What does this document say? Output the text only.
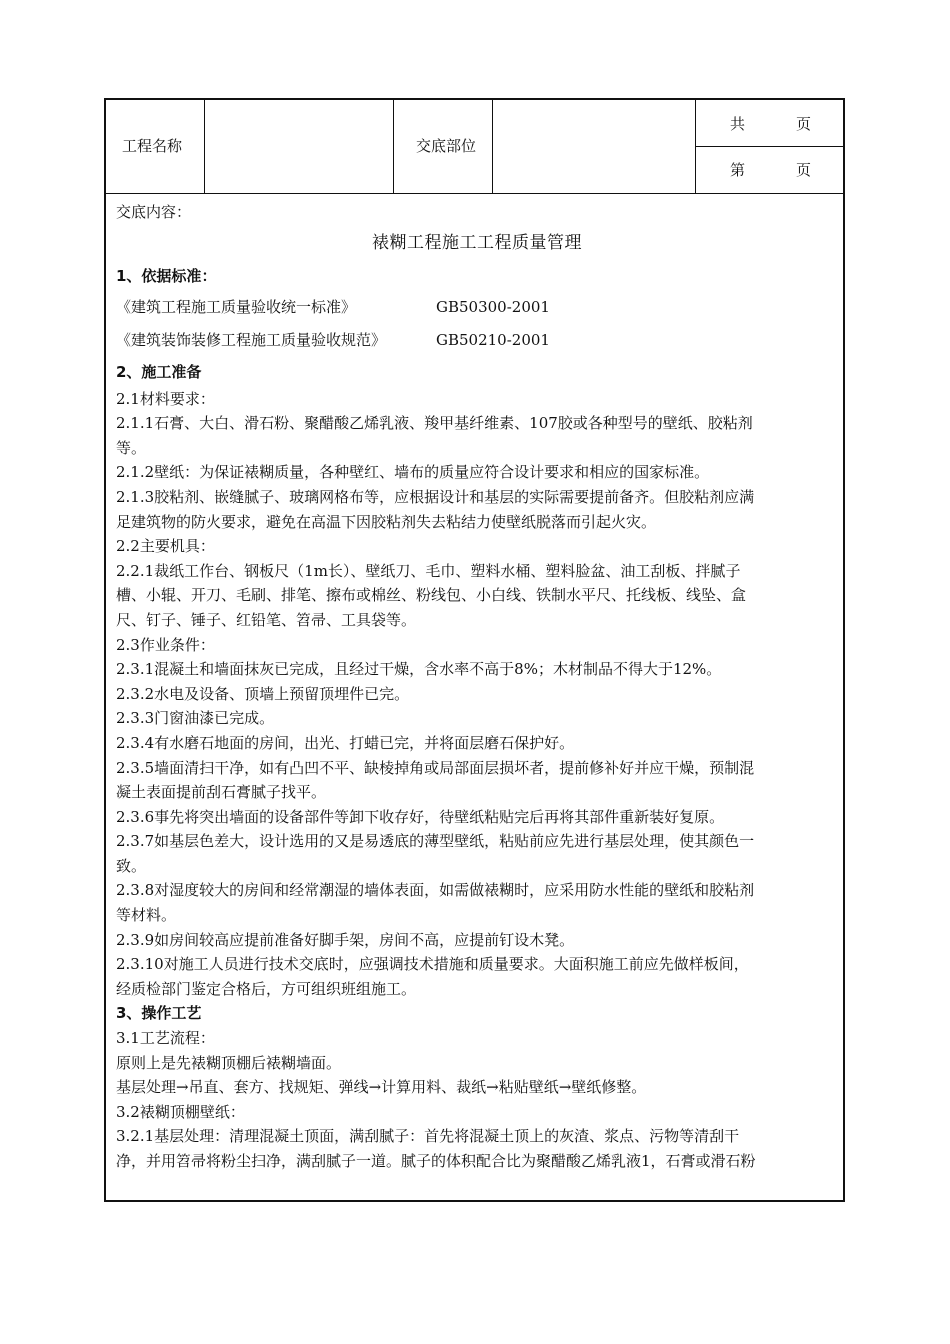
工程名称	交底部位
共	页
第	页
交底内容：
裱糊工程施工工程质量管理
1、依据标准：
《建筑工程施工质量验收统一标准》	GB50300-2001
《建筑装饰装修工程施工质量验收规范》	GB50210-2001
2、施工准备
2.1材料要求：
2.1.1石膏、大白、滑石粉、聚醋酸乙烯乳液、羧甲基纤维素、107胶或各种型号的壁纸、胶粘剂
等。
2.1.2壁纸：为保证裱糊质量，各种壁红、墙布的质量应符合设计要求和相应的国家标准。
2.1.3胶粘剂、嵌缝腻子、玻璃网格布等，应根据设计和基层的实际需要提前备齐。但胶粘剂应满
足建筑物的防火要求，避免在高温下因胶粘剂失去粘结力使壁纸脱落而引起火灾。
2.2主要机具：
2.2.1裁纸工作台、钢板尺（1m长）、壁纸刀、毛巾、塑料水桶、塑料脸盆、油工刮板、拌腻子
槽、小辊、开刀、毛刷、排笔、擦布或棉丝、粉线包、小白线、铁制水平尺、托线板、线坠、盒
尺、钉子、锤子、红铅笔、笤帚、工具袋等。
2.3作业条件：
2.3.1混凝土和墙面抹灰已完成，且经过干燥，含水率不高于8%；木材制品不得大于12%。
2.3.2水电及设备、顶墙上预留顶埋件已完。
2.3.3门窗油漆已完成。
2.3.4有水磨石地面的房间，出光、打蜡已完，并将面层磨石保护好。
2.3.5墙面清扫干净，如有凸凹不平、缺棱掉角或局部面层损坏者，提前修补好并应干燥，预制混
凝土表面提前刮石膏腻子找平。
2.3.6事先将突出墙面的设备部件等卸下收存好，待壁纸粘贴完后再将其部件重新装好复原。
2.3.7如基层色差大，设计选用的又是易透底的薄型壁纸，粘贴前应先进行基层处理，使其颜色一
致。
2.3.8对湿度较大的房间和经常潮湿的墙体表面，如需做裱糊时，应采用防水性能的壁纸和胶粘剂
等材料。
2.3.9如房间较高应提前准备好脚手架，房间不高，应提前钉设木凳。
2.3.10对施工人员进行技术交底时，应强调技术措施和质量要求。大面积施工前应先做样板间，
经质检部门鉴定合格后，方可组织班组施工。
3、操作工艺
3.1工艺流程：
原则上是先裱糊顶棚后裱糊墙面。
基层处理→吊直、套方、找规矩、弹线→计算用料、裁纸→粘贴壁纸→壁纸修整。
3.2裱糊顶棚壁纸：
3.2.1基层处理：清理混凝土顶面，满刮腻子：首先将混凝土顶上的灰渣、浆点、污物等清刮干
净，并用笤帚将粉尘扫净，满刮腻子一道。腻子的体积配合比为聚醋酸乙烯乳液1，石膏或滑石粉
